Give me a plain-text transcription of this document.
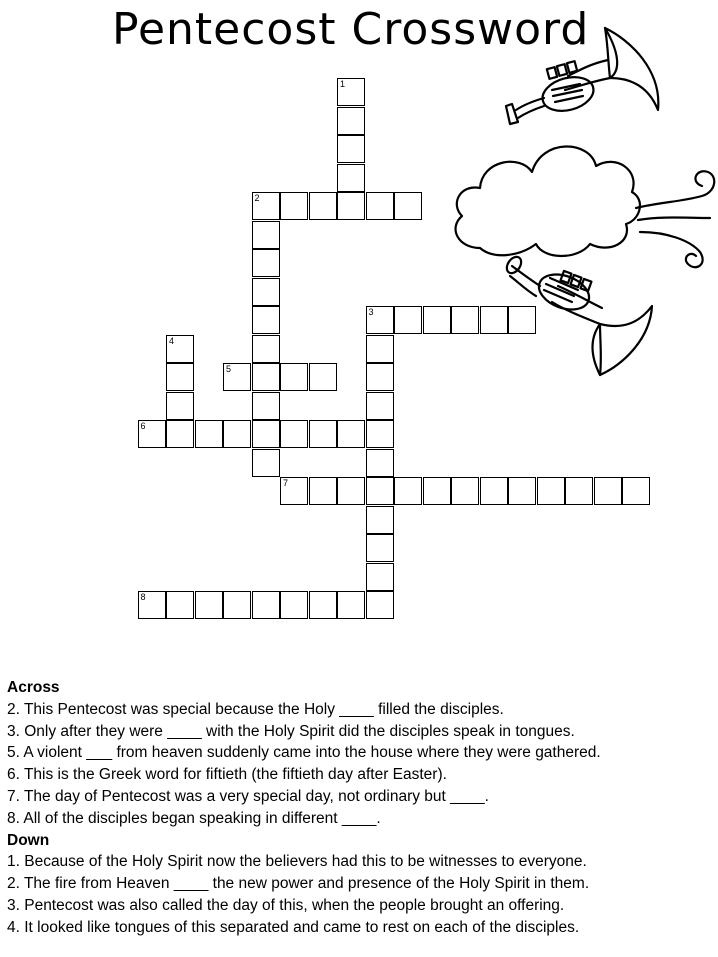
Pentecost Crossword
1
2
3
4
5
6
7
8
Across
2. This Pentecost was special because the Holy ____ filled the disciples.
3. Only after they were ____ with the Holy Spirit did the disciples speak in tongues.
5. A violent ___ from heaven suddenly came into the house where they were gathered.
6. This is the Greek word for fiftieth (the fiftieth day after Easter).
7. The day of Pentecost was a very special day, not ordinary but ____.
8. All of the disciples began speaking in different ____.
Down
1. Because of the Holy Spirit now the believers had this to be witnesses to everyone.
2. The fire from Heaven ____ the new power and presence of the Holy Spirit in them.
3. Pentecost was also called the day of this, when the people brought an offering.
4. It looked like tongues of this separated and came to rest on each of the disciples.
